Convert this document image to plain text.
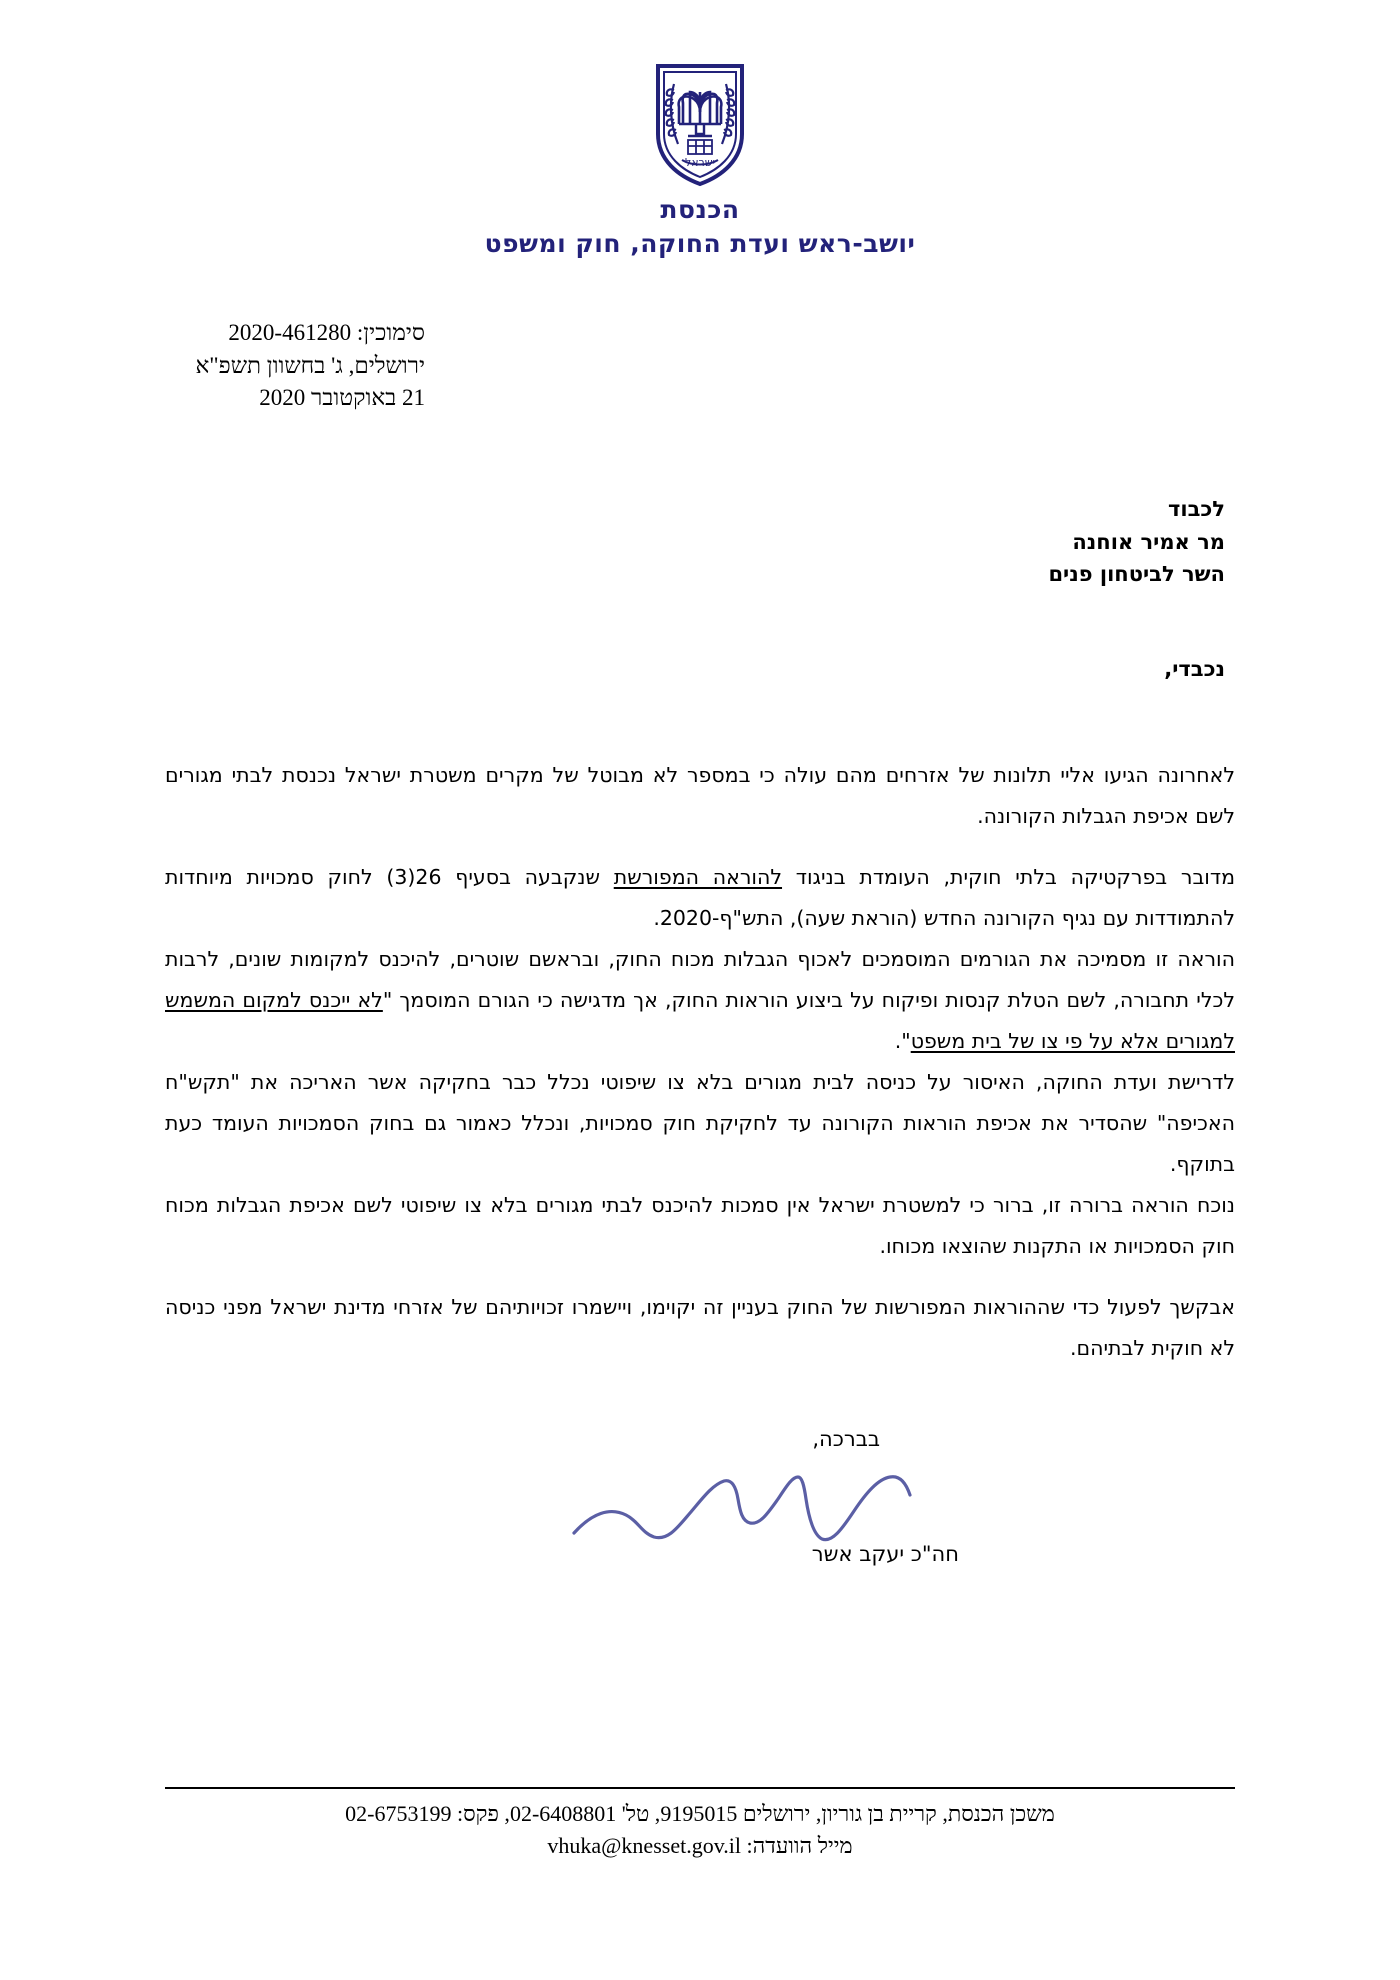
ישראל
הכנסת
יושב-ראש ועדת החוקה, חוק ומשפט
סימוכין: 2020-461280
ירושלים, ג' בחשוון תשפ"א
21 באוקטובר 2020
לכבוד
מר אמיר אוחנה
השר לביטחון פנים
נכבדי,

לאחרונה הגיעו אליי תלונות של אזרחים מהם עולה כי במספר לא מבוטל של מקרים משטרת ישראל נכנסת לבתי מגורים לשם אכיפת הגבלות הקורונה.

מדובר בפרקטיקה בלתי חוקית, העומדת בניגוד להוראה המפורשת שנקבעה בסעיף 26(3) לחוק סמכויות מיוחדות להתמודדות עם נגיף הקורונה החדש (הוראת שעה), התש"ף-2020.

הוראה זו מסמיכה את הגורמים המוסמכים לאכוף הגבלות מכוח החוק, ובראשם שוטרים, להיכנס למקומות שונים, לרבות לכלי תחבורה, לשם הטלת קנסות ופיקוח על ביצוע הוראות החוק, אך מדגישה כי הגורם המוסמך "לא ייכנס למקום המשמש למגורים אלא על פי צו של בית משפט".

לדרישת ועדת החוקה, האיסור על כניסה לבית מגורים בלא צו שיפוטי נכלל כבר בחקיקה אשר האריכה את "תקש"ח האכיפה" שהסדיר את אכיפת הוראות הקורונה עד לחקיקת חוק סמכויות, ונכלל כאמור גם בחוק הסמכויות העומד כעת בתוקף.

נוכח הוראה ברורה זו, ברור כי למשטרת ישראל אין סמכות להיכנס לבתי מגורים בלא צו שיפוטי לשם אכיפת הגבלות מכוח חוק הסמכויות או התקנות שהוצאו מכוחו.

אבקשך לפעול כדי שההוראות המפורשות של החוק בעניין זה יקוימו, ויישמרו זכויותיהם של אזרחי מדינת ישראל מפני כניסה לא חוקית לבתיהם.

בברכה,
חה"כ יעקב אשר
משכן הכנסת, קריית בן גוריון, ירושלים 9195015, טל' 02-6408801, פקס: 02-6753199
מייל הוועדה: vhuka@knesset.gov.il
